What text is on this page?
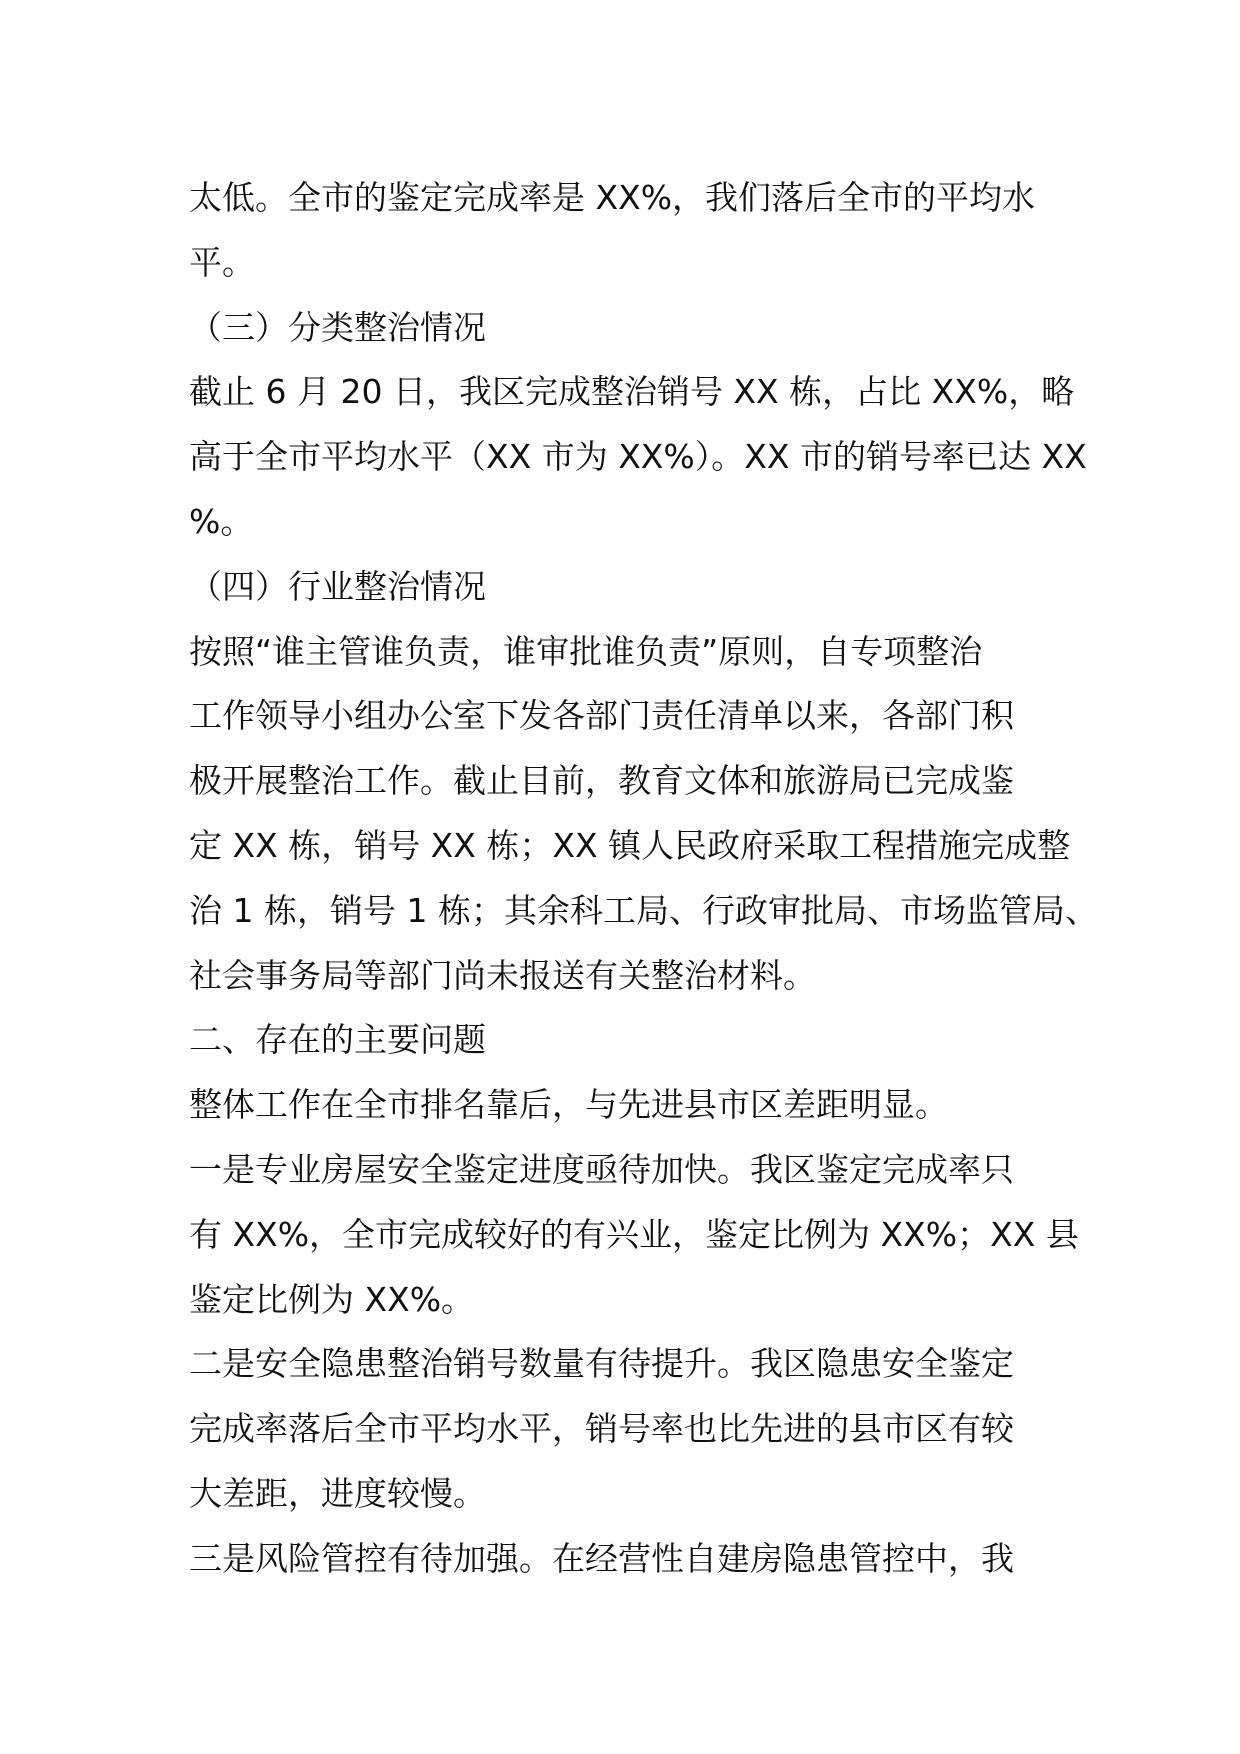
太低。全市的鉴定完成率是 XX%，我们落后全市的平均水
平。
（三）分类整治情况
截止 6 月 20 日，我区完成整治销号 XX 栋，占比 XX%，略
高于全市平均水平（XX 市为 XX%）。XX 市的销号率已达 XX
%。
（四）行业整治情况
按照“谁主管谁负责，谁审批谁负责”原则，自专项整治
工作领导小组办公室下发各部门责任清单以来，各部门积
极开展整治工作。截止目前，教育文体和旅游局已完成鉴
定 XX 栋，销号 XX 栋；XX 镇人民政府采取工程措施完成整
治 1 栋，销号 1 栋；其余科工局、行政审批局、市场监管局、
社会事务局等部门尚未报送有关整治材料。
二、存在的主要问题
整体工作在全市排名靠后，与先进县市区差距明显。
一是专业房屋安全鉴定进度亟待加快。我区鉴定完成率只
有 XX%，全市完成较好的有兴业，鉴定比例为 XX%；XX 县
鉴定比例为 XX%。
二是安全隐患整治销号数量有待提升。我区隐患安全鉴定
完成率落后全市平均水平，销号率也比先进的县市区有较
大差距，进度较慢。
三是风险管控有待加强。在经营性自建房隐患管控中，我
